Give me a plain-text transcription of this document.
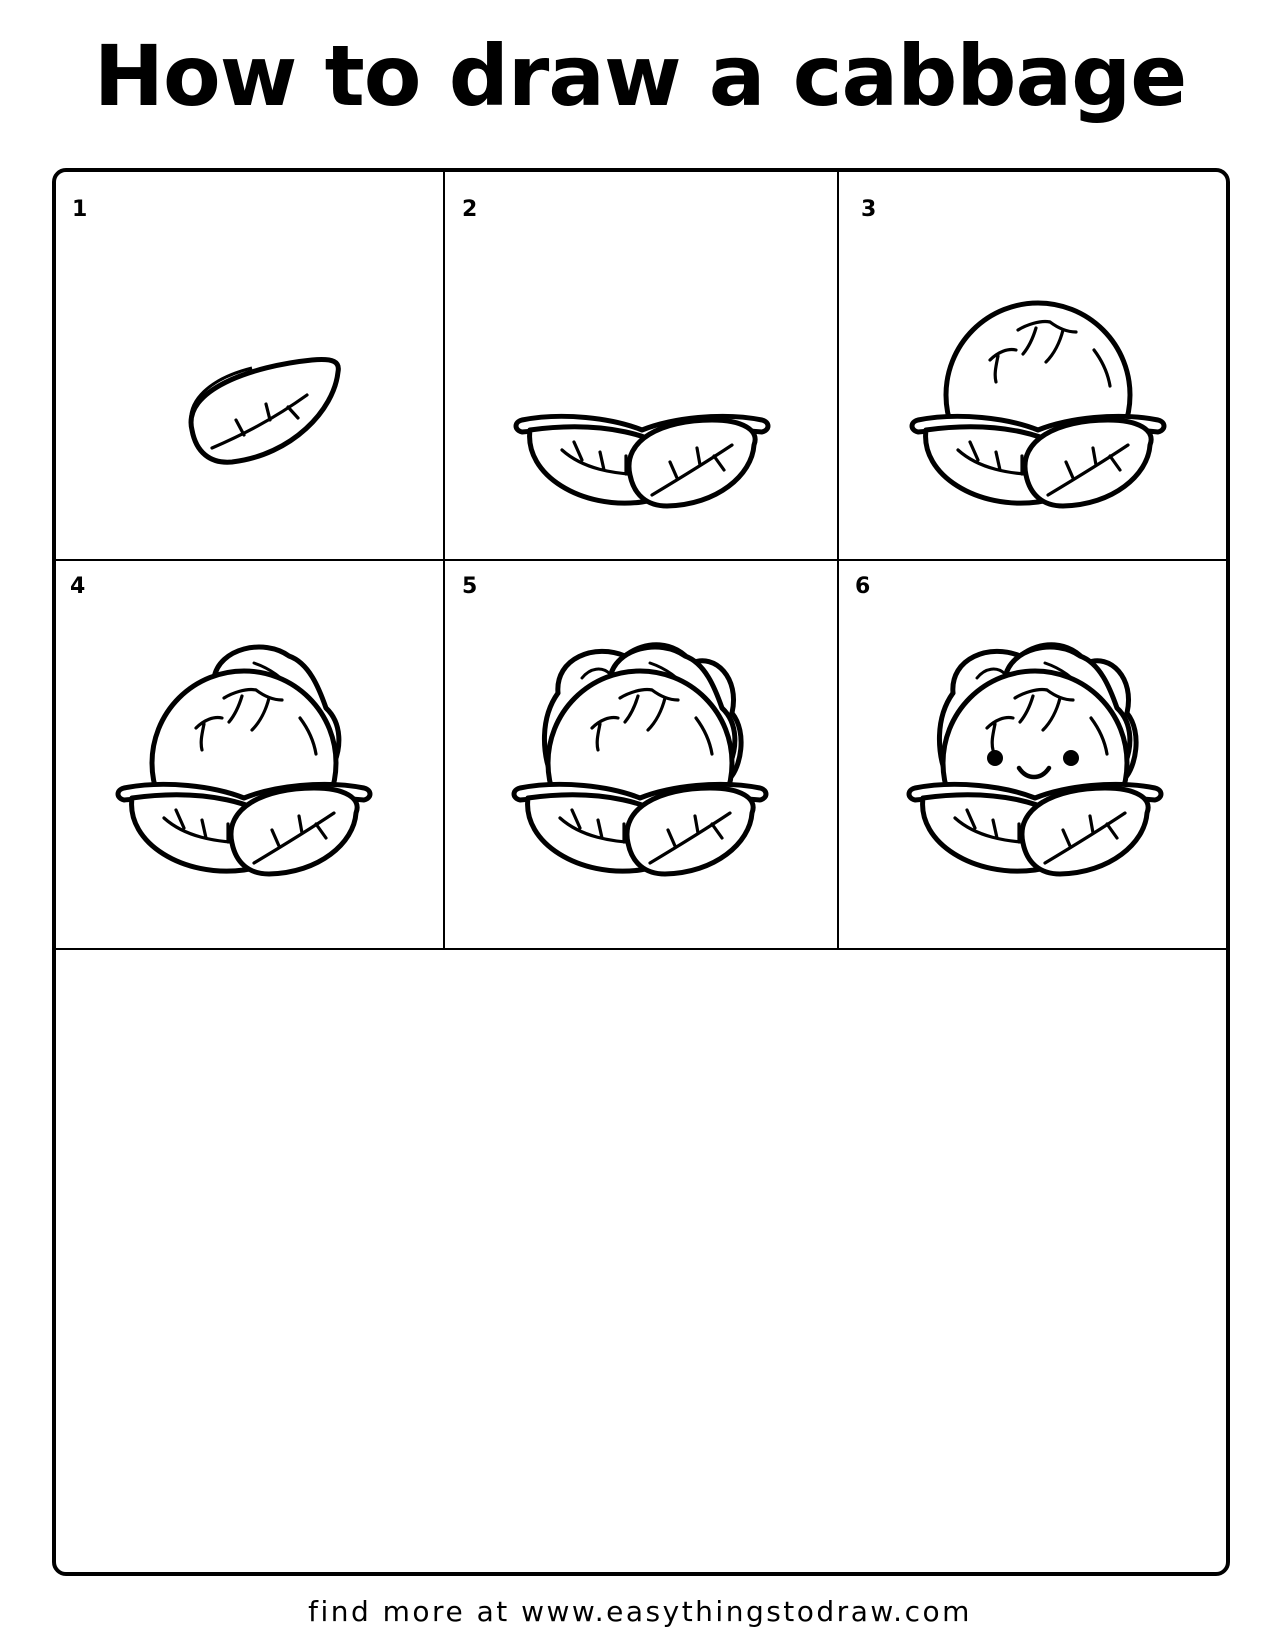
How to draw a cabbage
1	2	3
4	5	6
find more at www.easythingstodraw.com
